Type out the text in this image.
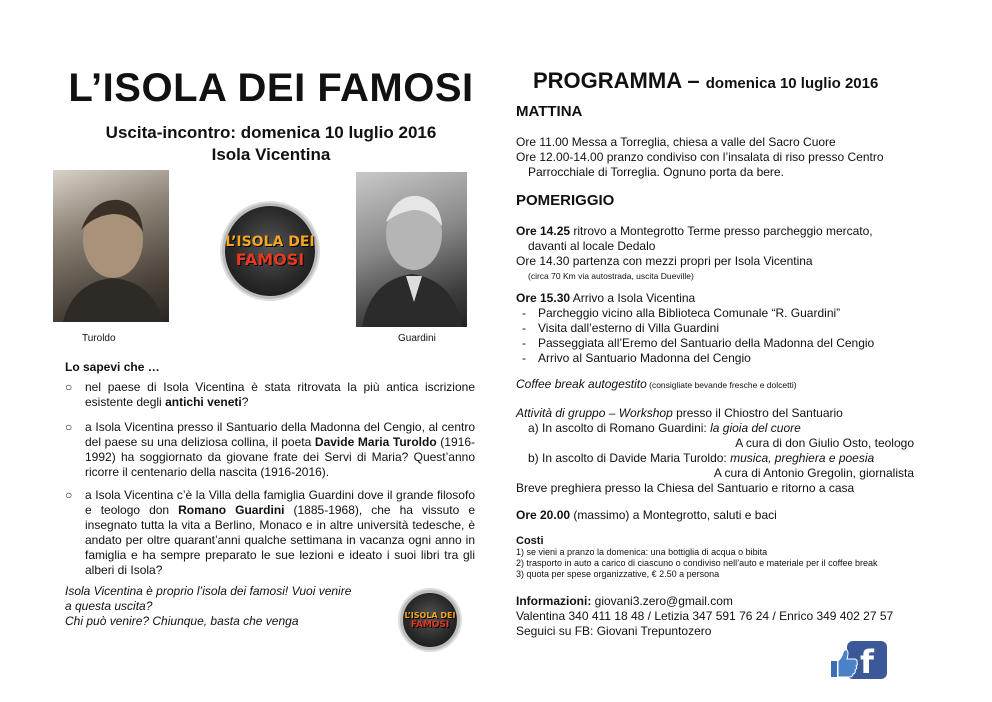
L’ISOLA DEI FAMOSI
Uscita-incontro: domenica 10 luglio 2016
Isola Vicentina
Turoldo	Guardini
L’ISOLA DEI
FAMOSI
Lo sapevi che …
○ nel paese di Isola Vicentina è stata ritrovata la più antica iscrizione esistente degli antichi veneti?
○ a Isola Vicentina presso il Santuario della Madonna del Cengio, al centro del paese su una deliziosa collina, il poeta Davide Maria Turoldo (1916-1992) ha soggiornato da giovane frate dei Servi di Maria? Quest’anno ricorre il centenario della nascita (1916-2016).
○ a Isola Vicentina c’è la Villa della famiglia Guardini dove il grande filosofo e teologo don Romano Guardini (1885-1968), che ha vissuto e insegnato tutta la vita a Berlino, Monaco e in altre università tedesche, è andato per oltre quarant’anni qualche settimana in vacanza ogni anno in famiglia e ha sempre preparato le sue lezioni e ideato i suoi libri tra gli alberi di Isola?
Isola Vicentina è proprio l’isola dei famosi! Vuoi venire
a questa uscita?
Chi può venire? Chiunque, basta che venga	L’ISOLA DEI
FAMOSI
PROGRAMMA – domenica 10 luglio 2016
MATTINA
Ore 11.00 Messa a Torreglia, chiesa a valle del Sacro Cuore
Ore 12.00-14.00 pranzo condiviso con l’insalata di riso presso Centro
Parrocchiale di Torreglia. Ognuno porta da bere.
POMERIGGIO
Ore 14.25 ritrovo a Montegrotto Terme presso parcheggio mercato,
davanti al locale Dedalo
Ore 14.30 partenza con mezzi propri per Isola Vicentina
(circa 70 Km via autostrada, uscita Dueville)
Ore 15.30 Arrivo a Isola Vicentina
- Parcheggio vicino alla Biblioteca Comunale “R. Guardini”
- Visita dall’esterno di Villa Guardini
- Passeggiata all’Eremo del Santuario della Madonna del Cengio
- Arrivo al Santuario Madonna del Cengio
Coffee break autogestito (consigliate bevande fresche e dolcetti)
Attività di gruppo – Workshop presso il Chiostro del Santuario
a) In ascolto di Romano Guardini: la gioia del cuore
A cura di don Giulio Osto, teologo
b) In ascolto di Davide Maria Turoldo: musica, preghiera e poesia
A cura di Antonio Gregolin, giornalista
Breve preghiera presso la Chiesa del Santuario e ritorno a casa
Ore 20.00 (massimo) a Montegrotto, saluti e baci
Costi
1) se vieni a pranzo la domenica: una bottiglia di acqua o bibita
2) trasporto in auto a carico di ciascuno o condiviso nell’auto e materiale per il coffee break
3) quota per spese organizzative, € 2.50 a persona
Informazioni: giovani3.zero@gmail.com
Valentina 340 411 18 48 / Letizia 347 591 76 24 / Enrico 349 402 27 57
Seguici su FB: Giovani Trepuntozero
f
